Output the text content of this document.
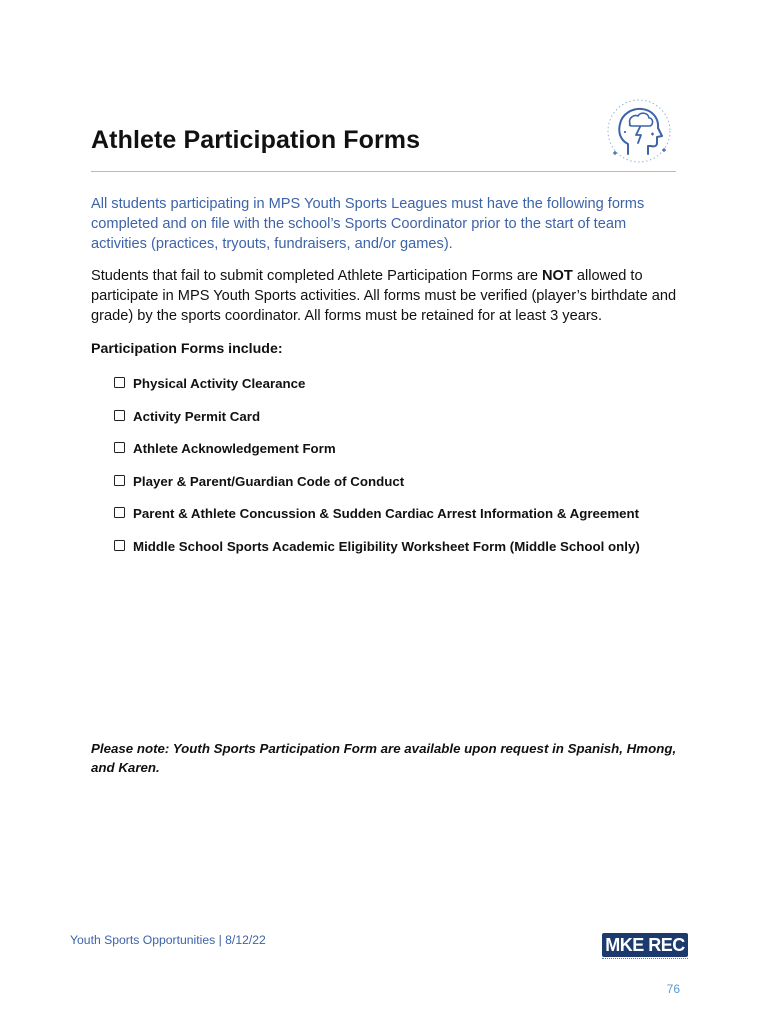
Athlete Participation Forms

All students participating in MPS Youth Sports Leagues must have the following forms completed and on file with the school’s Sports Coordinator prior to the start of team activities (practices, tryouts, fundraisers, and/or games).

Students that fail to submit completed Athlete Participation Forms are NOT allowed to participate in MPS Youth Sports activities. All forms must be verified (player’s birthdate and grade) by the sports coordinator. All forms must be retained for at least 3 years.

Participation Forms include:

Physical Activity Clearance
Activity Permit Card
Athlete Acknowledgement Form
Player & Parent/Guardian Code of Conduct
Parent & Athlete Concussion & Sudden Cardiac Arrest Information & Agreement
Middle School Sports Academic Eligibility Worksheet Form (Middle School only)

Please note: Youth Sports Participation Form are available upon request in Spanish, Hmong, and Karen.

Youth Sports Opportunities | 8/12/22	MKE REC

76
